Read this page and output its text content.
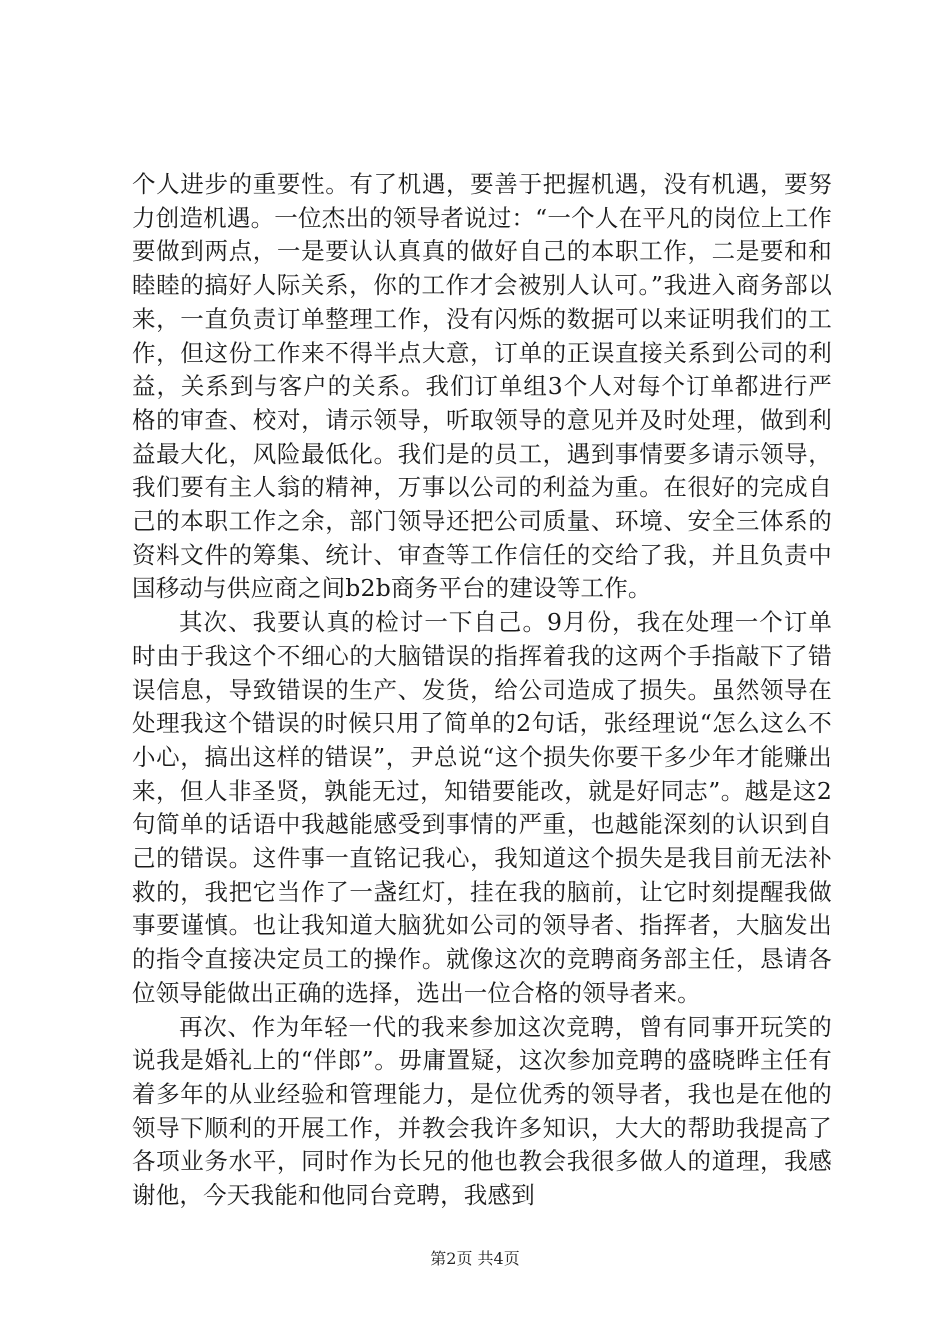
个人进步的重要性。有了机遇，要善于把握机遇，没有机遇，要努力创造机遇。一位杰出的领导者说过：“一个人在平凡的岗位上工作要做到两点，一是要认认真真的做好自己的本职工作，二是要和和睦睦的搞好人际关系，你的工作才会被别人认可。”我进入商务部以来，一直负责订单整理工作，没有闪烁的数据可以来证明我们的工作，但这份工作来不得半点大意，订单的正误直接关系到公司的利益，关系到与客户的关系。我们订单组3个人对每个订单都进行严格的审查、校对，请示领导，听取领导的意见并及时处理，做到利益最大化，风险最低化。我们是的员工，遇到事情要多请示领导，我们要有主人翁的精神，万事以公司的利益为重。在很好的完成自己的本职工作之余，部门领导还把公司质量、环境、安全三体系的资料文件的筹集、统计、审查等工作信任的交给了我，并且负责中国移动与供应商之间b2b商务平台的建设等工作。

其次、我要认真的检讨一下自己。9月份，我在处理一个订单时由于我这个不细心的大脑错误的指挥着我的这两个手指敲下了错误信息，导致错误的生产、发货，给公司造成了损失。虽然领导在处理我这个错误的时候只用了简单的2句话，张经理说“怎么这么不小心，搞出这样的错误”，尹总说“这个损失你要干多少年才能赚出来，但人非圣贤，孰能无过，知错要能改，就是好同志”。越是这2句简单的话语中我越能感受到事情的严重，也越能深刻的认识到自己的错误。这件事一直铭记我心，我知道这个损失是我目前无法补救的，我把它当作了一盏红灯，挂在我的脑前，让它时刻提醒我做事要谨慎。也让我知道大脑犹如公司的领导者、指挥者，大脑发出的指令直接决定员工的操作。就像这次的竞聘商务部主任，恳请各位领导能做出正确的选择，选出一位合格的领导者来。

再次、作为年轻一代的我来参加这次竞聘，曾有同事开玩笑的说我是婚礼上的“伴郎”。毋庸置疑，这次参加竞聘的盛晓晔主任有着多年的从业经验和管理能力，是位优秀的领导者，我也是在他的领导下顺利的开展工作，并教会我许多知识，大大的帮助我提高了各项业务水平，同时作为长兄的他也教会我很多做人的道理，我感谢他，今天我能和他同台竞聘，我感到

第2页 共4页
